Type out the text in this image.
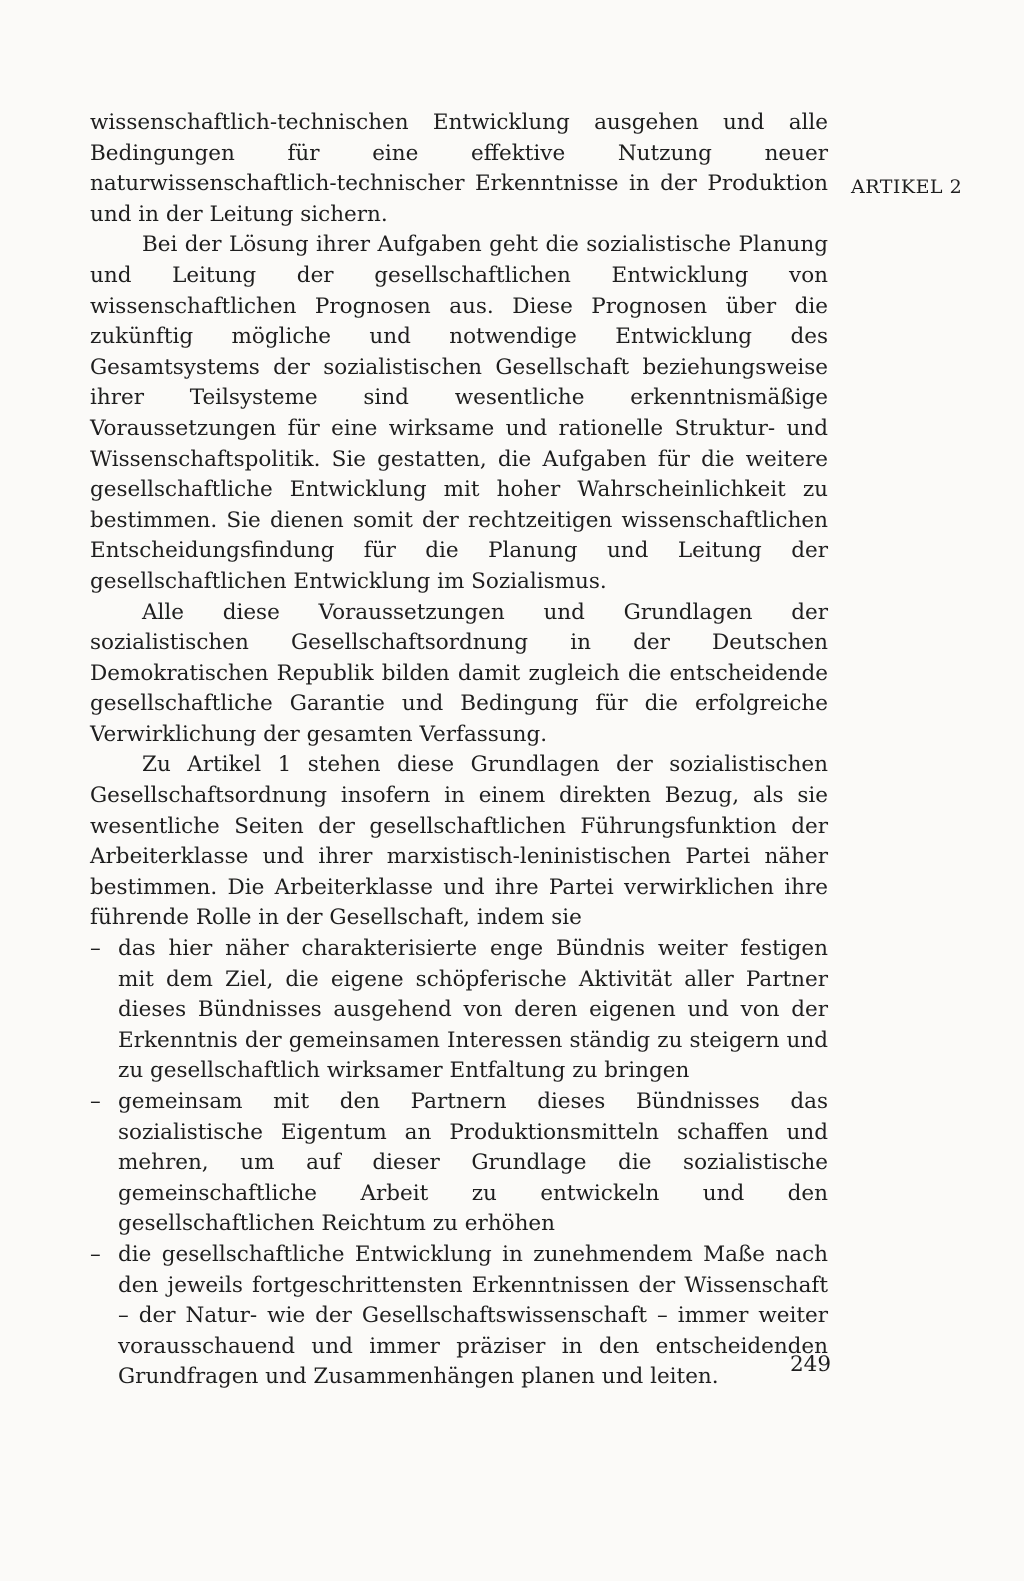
wissenschaftlich-technischen Entwicklung ausgehen und alle Bedingungen für eine effektive Nutzung neuer naturwissenschaftlich-technischer Erkenntnisse in der Produktion und in der Leitung sichern.

Bei der Lösung ihrer Aufgaben geht die sozialistische Planung und Leitung der gesellschaftlichen Entwicklung von wissenschaftlichen Prognosen aus. Diese Prognosen über die zukünftig mögliche und notwendige Entwicklung des Gesamtsystems der sozialistischen Gesellschaft beziehungsweise ihrer Teilsysteme sind wesentliche erkenntnismäßige Voraussetzungen für eine wirksame und rationelle Struktur- und Wissenschaftspolitik. Sie gestatten, die Aufgaben für die weitere gesellschaftliche Entwicklung mit hoher Wahrscheinlichkeit zu bestimmen. Sie dienen somit der rechtzeitigen wissenschaftlichen Entscheidungsfindung für die Planung und Leitung der gesellschaftlichen Entwicklung im Sozialismus.

Alle diese Voraussetzungen und Grundlagen der sozialistischen Gesellschaftsordnung in der Deutschen Demokratischen Republik bilden damit zugleich die entscheidende gesellschaftliche Garantie und Bedingung für die erfolgreiche Verwirklichung der gesamten Verfassung.

Zu Artikel 1 stehen diese Grundlagen der sozialistischen Gesellschaftsordnung insofern in einem direkten Bezug, als sie wesentliche Seiten der gesellschaftlichen Führungsfunktion der Arbeiterklasse und ihrer marxistisch-leninistischen Partei näher bestimmen. Die Arbeiterklasse und ihre Partei verwirklichen ihre führende Rolle in der Gesellschaft, indem sie

– das hier näher charakterisierte enge Bündnis weiter festigen mit dem Ziel, die eigene schöpferische Aktivität aller Partner dieses Bündnisses ausgehend von deren eigenen und von der Erkenntnis der gemeinsamen Interessen ständig zu steigern und zu gesellschaftlich wirksamer Entfaltung zu bringen
– gemeinsam mit den Partnern dieses Bündnisses das sozialistische Eigentum an Produktionsmitteln schaffen und mehren, um auf dieser Grundlage die sozialistische gemeinschaftliche Arbeit zu entwickeln und den gesellschaftlichen Reichtum zu erhöhen
– die gesellschaftliche Entwicklung in zunehmendem Maße nach den jeweils fortgeschrittensten Erkenntnissen der Wissenschaft – der Natur- wie der Gesellschaftswissenschaft – immer weiter vorausschauend und immer präziser in den entscheidenden Grundfragen und Zusammenhängen planen und leiten.
ARTIKEL 2
249
